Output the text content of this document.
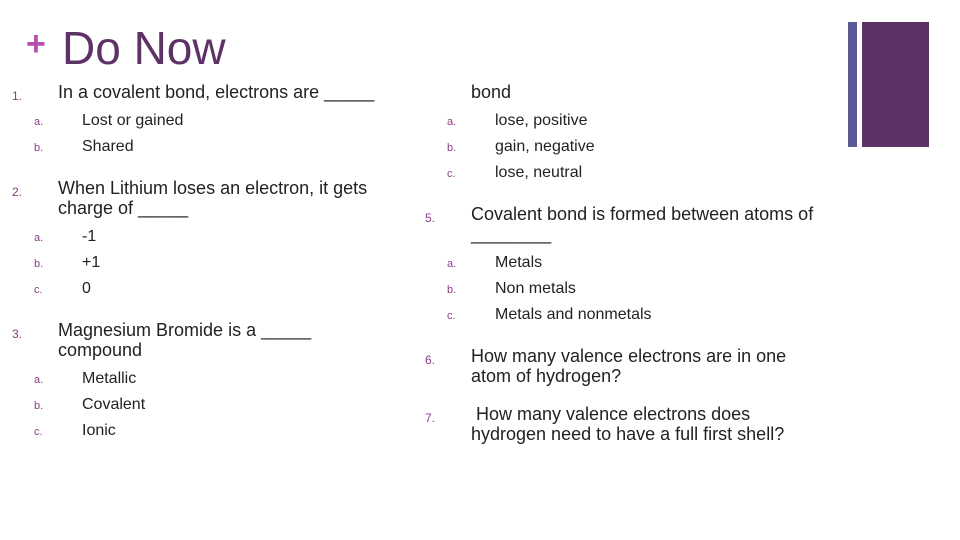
+ Do Now
1. In a covalent bond, electrons are _____
a. Lost or gained
b. Shared
2. When Lithium loses an electron, it gets charge of _____
a. -1
b. +1
c. 0
3. Magnesium Bromide is a _____ compound
a. Metallic
b. Covalent
c. Ionic
bond
a. lose, positive
b. gain, negative
c. lose, neutral
5. Covalent bond is formed between atoms of ________
a. Metals
b. Non metals
c. Metals and nonmetals
6. How many valence electrons are in one atom of hydrogen?
7. How many valence electrons does hydrogen need to have a full first shell?
